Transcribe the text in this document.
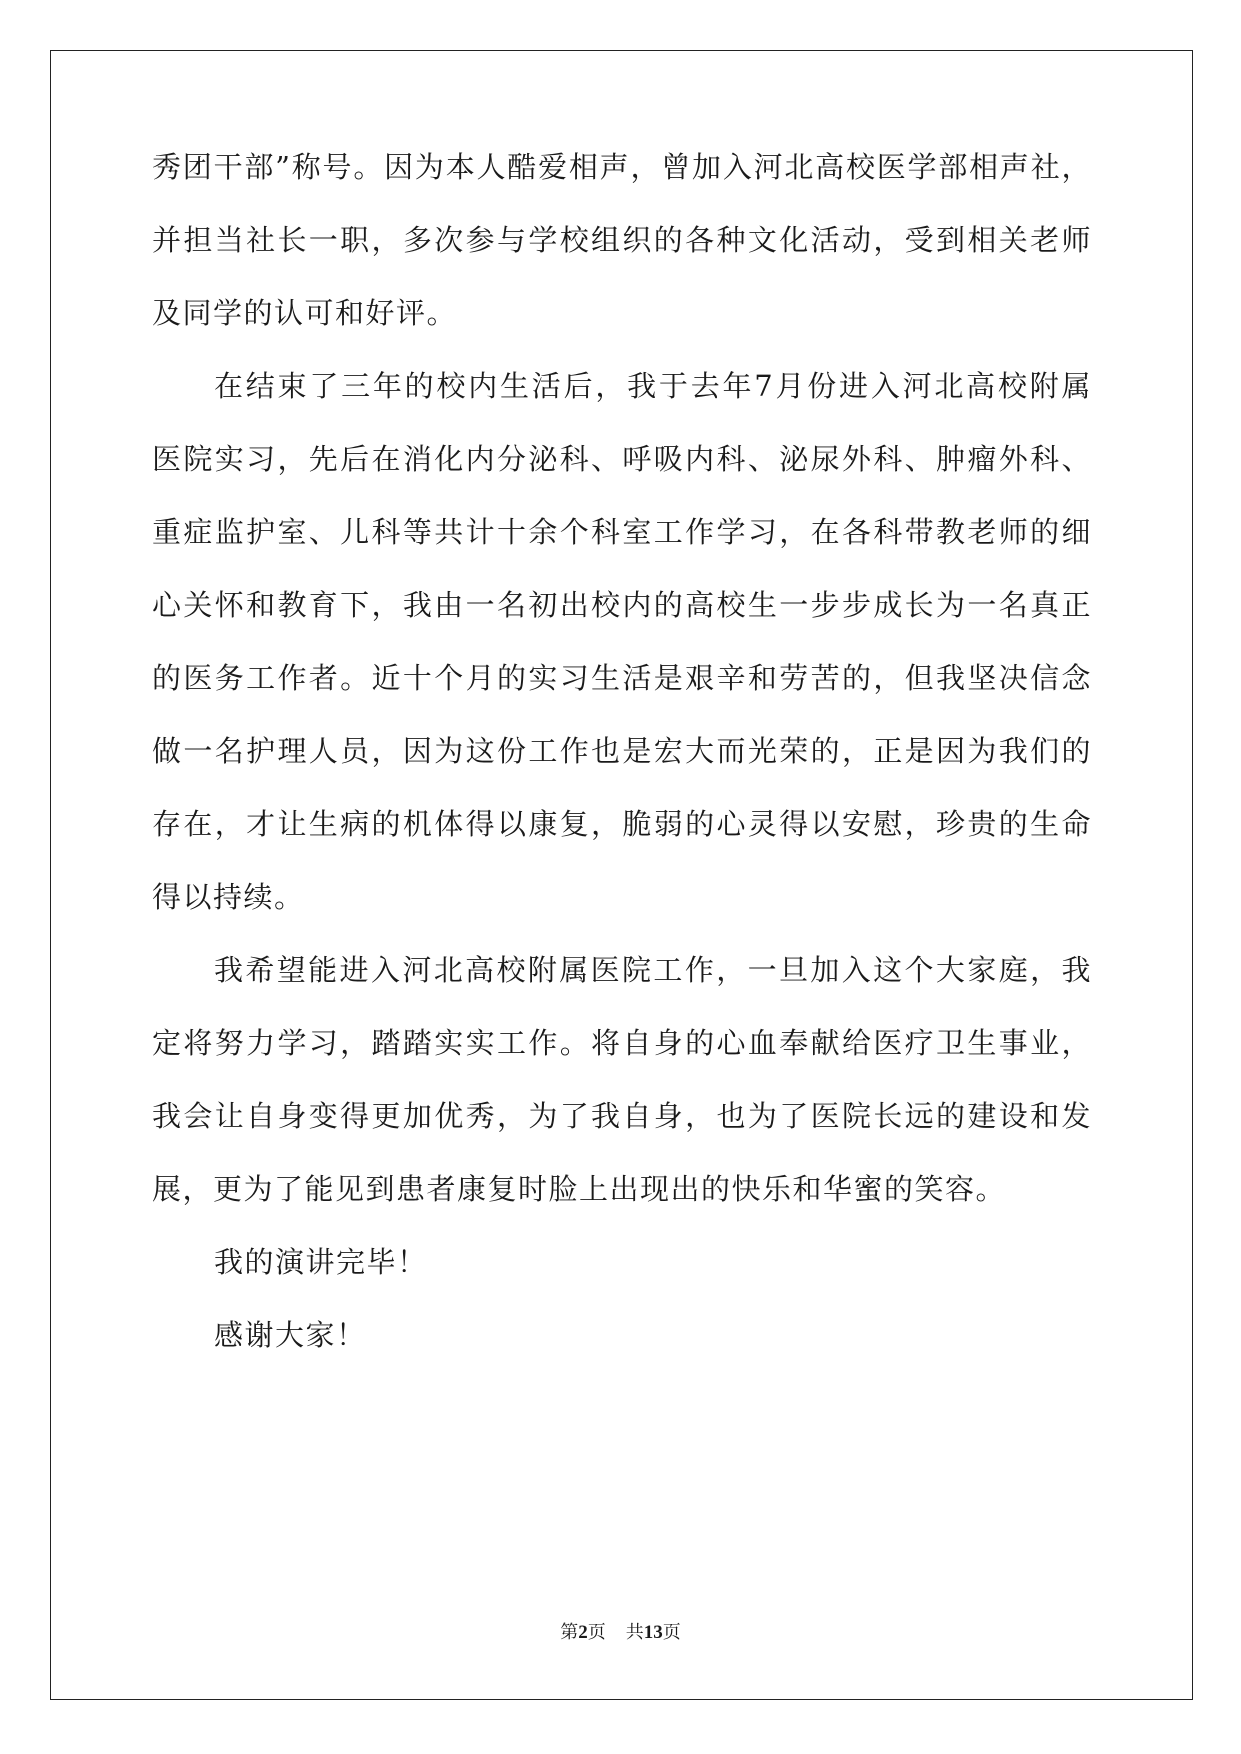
秀团干部”称号。因为本人酷爱相声，曾加入河北高校医学部相声社，
并担当社长一职，多次参与学校组织的各种文化活动，受到相关老师
及同学的认可和好评。
在结束了三年的校内生活后，我于去年7月份进入河北高校附属
医院实习，先后在消化内分泌科、呼吸内科、泌尿外科、肿瘤外科、
重症监护室、儿科等共计十余个科室工作学习，在各科带教老师的细
心关怀和教育下，我由一名初出校内的高校生一步步成长为一名真正
的医务工作者。近十个月的实习生活是艰辛和劳苦的，但我坚决信念
做一名护理人员，因为这份工作也是宏大而光荣的，正是因为我们的
存在，才让生病的机体得以康复，脆弱的心灵得以安慰，珍贵的生命
得以持续。
我希望能进入河北高校附属医院工作，一旦加入这个大家庭，我
定将努力学习，踏踏实实工作。将自身的心血奉献给医疗卫生事业，
我会让自身变得更加优秀，为了我自身，也为了医院长远的建设和发
展，更为了能见到患者康复时脸上出现出的快乐和华蜜的笑容。
我的演讲完毕！
感谢大家！
第2页 共13页
